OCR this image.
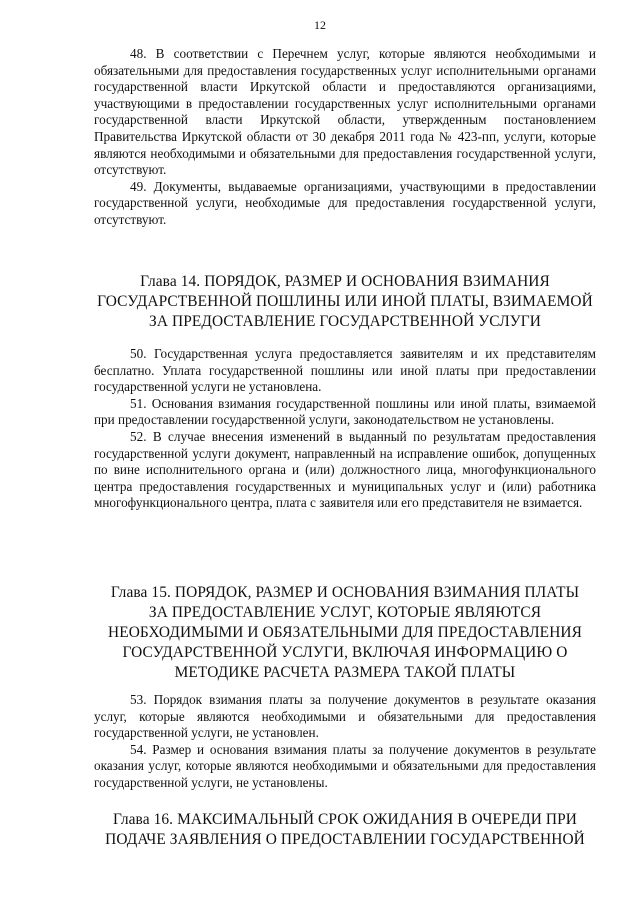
12

48. В соответствии с Перечнем услуг, которые являются необходимыми и обязательными для предоставления государственных услуг исполнительными органами государственной власти Иркутской области и предоставляются организациями, участвующими в предоставлении государственных услуг исполнительными органами государственной власти Иркутской области, утвержденным постановлением Правительства Иркутской области от 30 декабря 2011 года № 423-пп, услуги, которые являются необходимыми и обязательными для предоставления государственной услуги, отсутствуют.

49. Документы, выдаваемые организациями, участвующими в предоставлении государственной услуги, необходимые для предоставления государственной услуги, отсутствуют.

Глава 14. ПОРЯДОК, РАЗМЕР И ОСНОВАНИЯ ВЗИМАНИЯ
ГОСУДАРСТВЕННОЙ ПОШЛИНЫ ИЛИ ИНОЙ ПЛАТЫ, ВЗИМАЕМОЙ
ЗА ПРЕДОСТАВЛЕНИЕ ГОСУДАРСТВЕННОЙ УСЛУГИ

50. Государственная услуга предоставляется заявителям и их представителям бесплатно. Уплата государственной пошлины или иной платы при предоставлении государственной услуги не установлена.

51. Основания взимания государственной пошлины или иной платы, взимаемой при предоставлении государственной услуги, законодательством не установлены.

52. В случае внесения изменений в выданный по результатам предоставления государственной услуги документ, направленный на исправление ошибок, допущенных по вине исполнительного органа и (или) должностного лица, многофункционального центра предоставления государственных и муниципальных услуг и (или) работника многофункционального центра, плата с заявителя или его представителя не взимается.

Глава 15. ПОРЯДОК, РАЗМЕР И ОСНОВАНИЯ ВЗИМАНИЯ ПЛАТЫ
ЗА ПРЕДОСТАВЛЕНИЕ УСЛУГ, КОТОРЫЕ ЯВЛЯЮТСЯ
НЕОБХОДИМЫМИ И ОБЯЗАТЕЛЬНЫМИ ДЛЯ ПРЕДОСТАВЛЕНИЯ
ГОСУДАРСТВЕННОЙ УСЛУГИ, ВКЛЮЧАЯ ИНФОРМАЦИЮ О
МЕТОДИКЕ РАСЧЕТА РАЗМЕРА ТАКОЙ ПЛАТЫ

53. Порядок взимания платы за получение документов в результате оказания услуг, которые являются необходимыми и обязательными для предоставления государственной услуги, не установлен.

54. Размер и основания взимания платы за получение документов в результате оказания услуг, которые являются необходимыми и обязательными для предоставления государственной услуги, не установлены.

Глава 16. МАКСИМАЛЬНЫЙ СРОК ОЖИДАНИЯ В ОЧЕРЕДИ ПРИ
ПОДАЧЕ ЗАЯВЛЕНИЯ О ПРЕДОСТАВЛЕНИИ ГОСУДАРСТВЕННОЙ
